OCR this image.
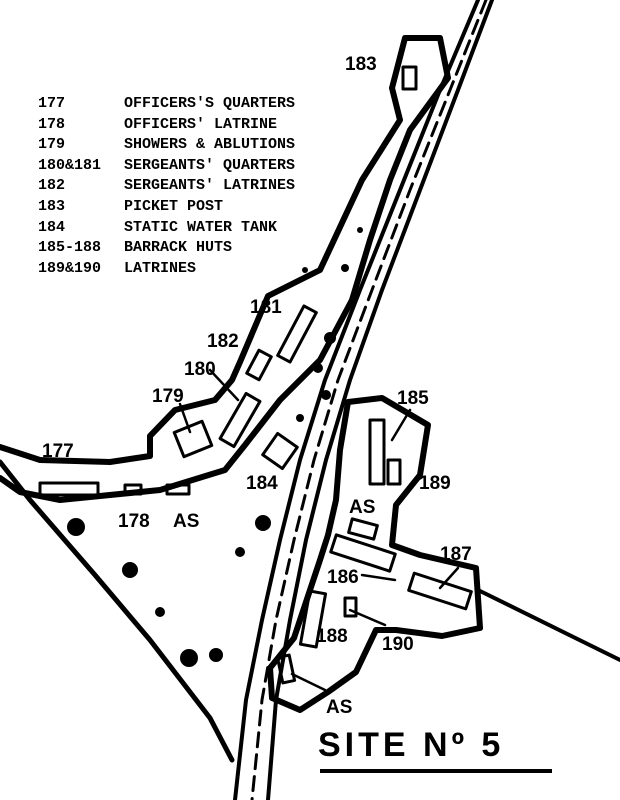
177	OFFICERS'S QUARTERS
178	OFFICERS' LATRINE
179	SHOWERS & ABLUTIONS
180&181	SERGEANTS' QUARTERS
182	SERGEANTS' LATRINES
183	PICKET POST
184	STATIC WATER TANK
185-188	BARRACK HUTS
189&190	LATRINES
177
178 AS
179
180
181
182
183
184
185
189
AS
186
187
188 190
AS
SITE Nº 5
